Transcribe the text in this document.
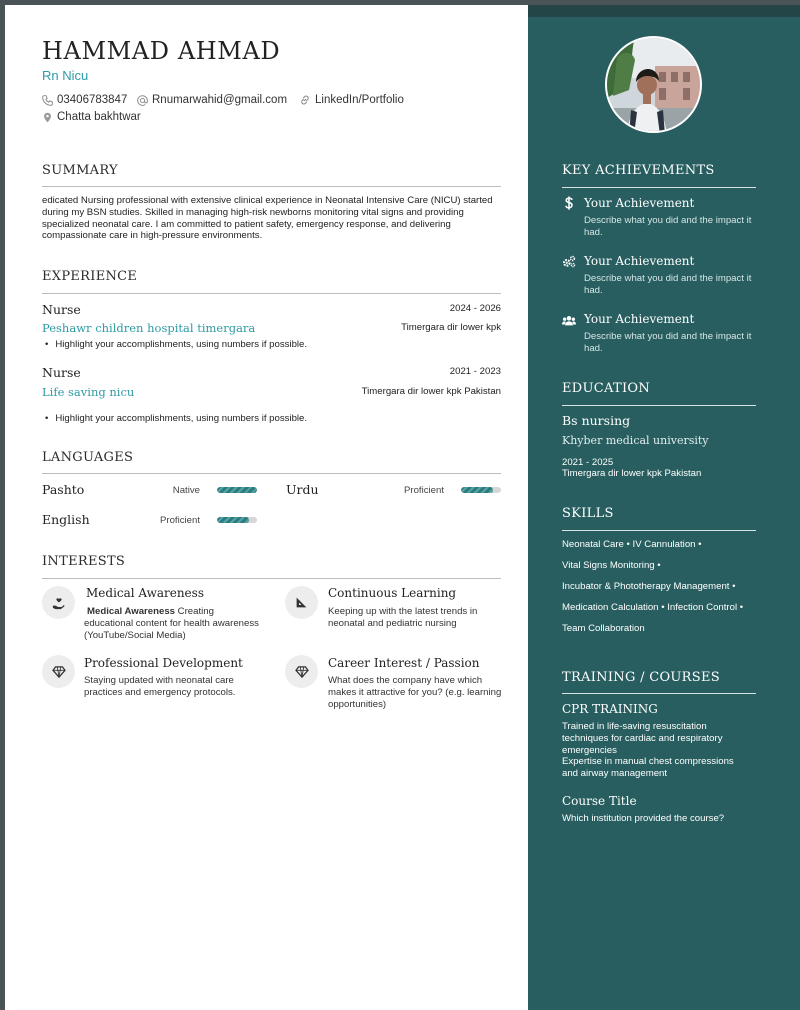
HAMMAD AHMAD
Rn Nicu
03406783847 Rnumarwahid@gmail.com LinkedIn/Portfolio
Chatta bakhtwar
SUMMARY
edicated Nursing professional with extensive clinical experience in Neonatal Intensive Care (NICU) started during my BSN studies. Skilled in managing high-risk newborns monitoring vital signs and providing specialized neonatal care. I am committed to patient safety, emergency response, and delivering compassionate care in high-pressure environments.
EXPERIENCE
Nurse	2024 - 2026
Peshawr children hospital timergara	Timergara dir lower kpk
• Highlight your accomplishments, using numbers if possible.
Nurse	2021 - 2023
Life saving nicu	Timergara dir lower kpk Pakistan
• Highlight your accomplishments, using numbers if possible.
LANGUAGES
Pashto	Native	Urdu	Proficient
English	Proficient
INTERESTS
Medical Awareness
Medical Awareness Creating educational content for health awareness (YouTube/Social Media)
Continuous Learning
Keeping up with the latest trends in neonatal and pediatric nursing
Professional Development
Staying updated with neonatal care practices and emergency protocols.
Career Interest / Passion
What does the company have which makes it attractive for you? (e.g. learning opportunities)
KEY ACHIEVEMENTS
Your Achievement
Describe what you did and the impact it had.
Your Achievement
Describe what you did and the impact it had.
Your Achievement
Describe what you did and the impact it had.
EDUCATION
Bs nursing
Khyber medical university
2021 - 2025
Timergara dir lower kpk Pakistan
SKILLS
Neonatal Care • IV Cannulation •
Vital Signs Monitoring •
Incubator & Phototherapy Management •
Medication Calculation • Infection Control •
Team Collaboration
TRAINING / COURSES
CPR TRAINING
Trained in life-saving resuscitation techniques for cardiac and respiratory emergencies
Expertise in manual chest compressions and airway management
Course Title
Which institution provided the course?
